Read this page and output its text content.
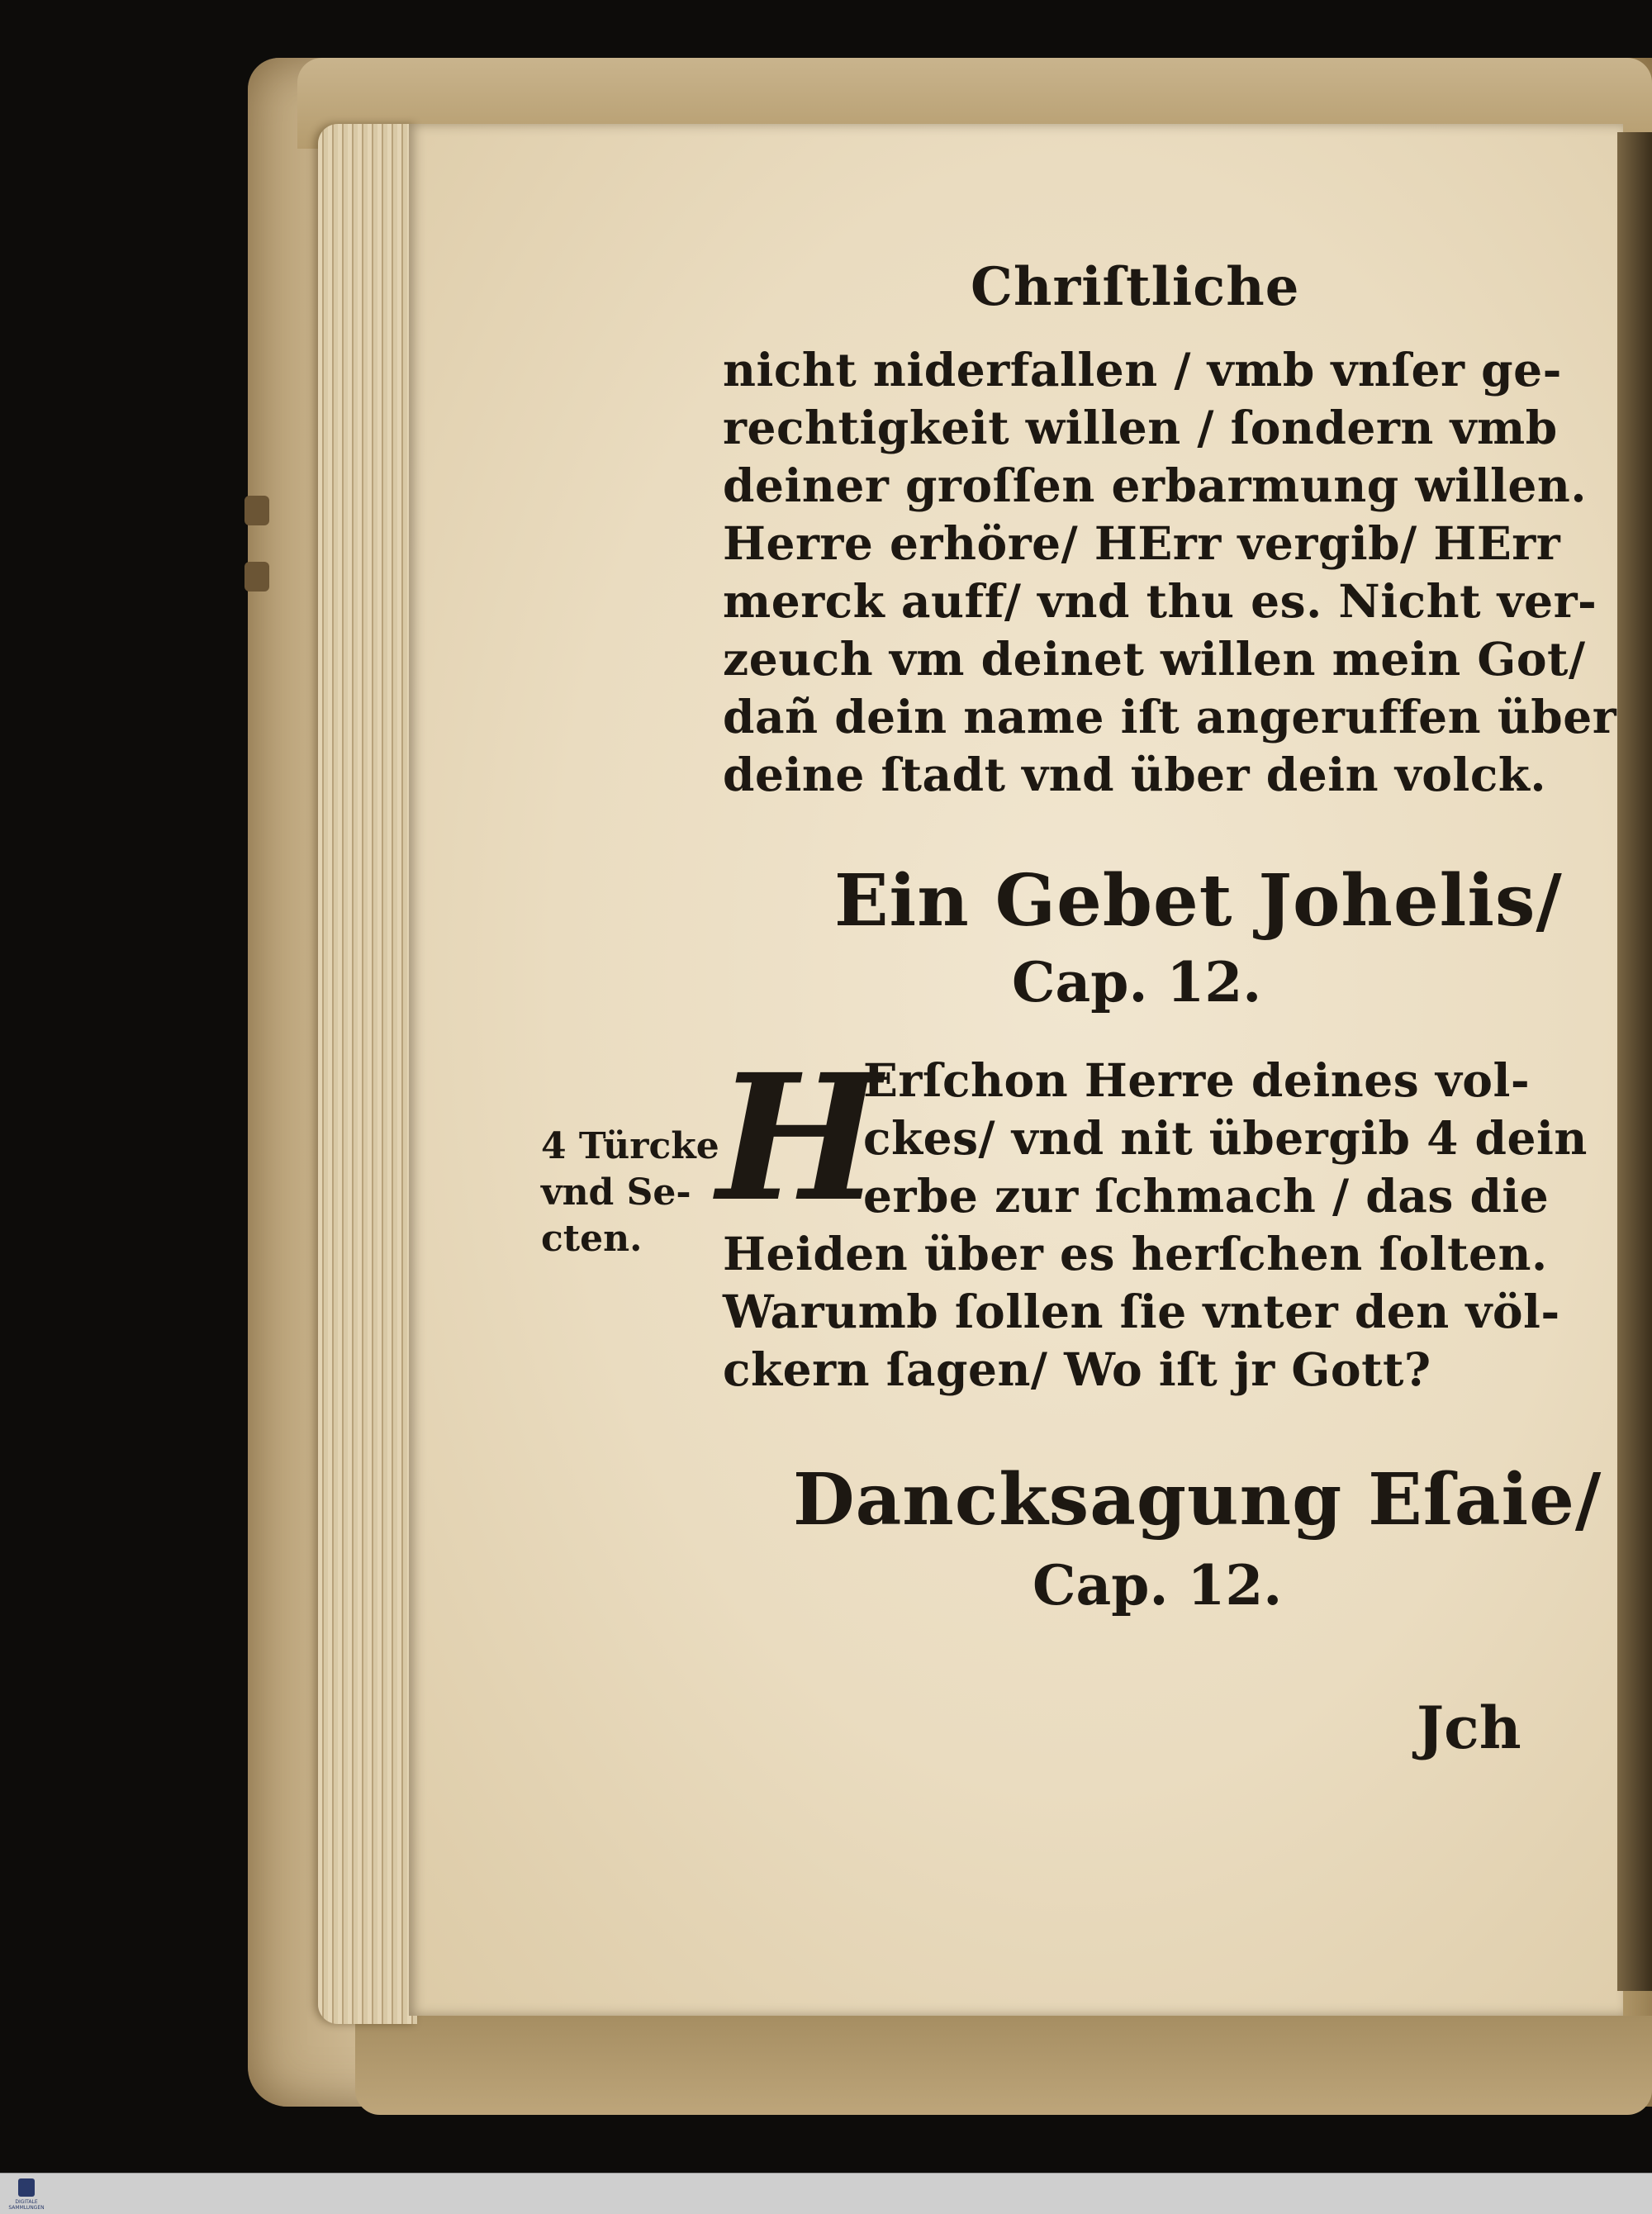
Chriſtliche
nicht niderfallen / vmb vnſer ge-
rechtigkeit willen / ſondern vmb
deiner groſſen erbarmung willen.
Herre erhöre/ HErr vergib/ HErr
merck auff/ vnd thu es. Nicht ver-
zeuch vm deinet willen mein Got/
dañ dein name iſt angeruffen über
deine ſtadt vnd über dein volck.
Ein Gebet Johelis/
Cap. 12.
H
Erſchon Herre deines vol-
ckes/ vnd nit übergib 4 dein
erbe zur ſchmach / das die
Heiden über es herſchen ſolten.
Warumb ſollen ſie vnter den völ-
ckern ſagen/ Wo iſt jr Gott?
4 Türcke
vnd Se-
cten.
Dancksagung Eſaie/
Cap. 12.
Jch
DIGITALE SAMMLUNGEN
